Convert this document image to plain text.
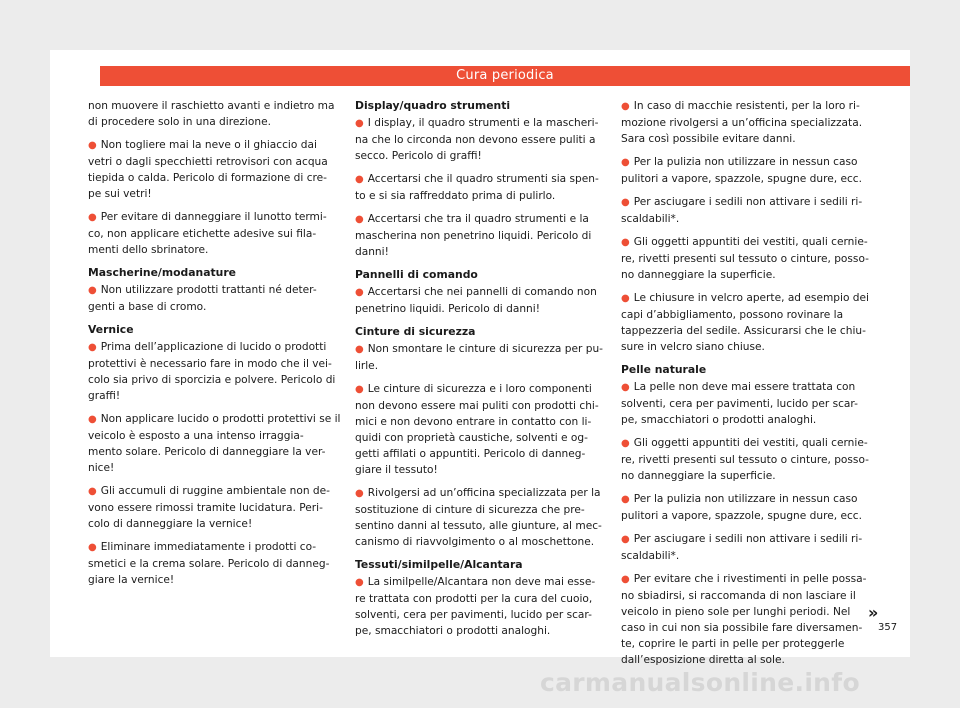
Cura periodica

non muovere il raschietto avanti e indietro ma di procedere solo in una direzione.

● Non togliere mai la neve o il ghiaccio dai vetri o dagli specchietti retrovisori con acqua tiepida o calda. Pericolo di formazione di cre- pe sui vetri!

● Per evitare di danneggiare il lunotto termi- co, non applicare etichette adesive sui fila- menti dello sbrinatore.

Mascherine/modanature

● Non utilizzare prodotti trattanti né deter- genti a base di cromo.

Vernice

● Prima dell’applicazione di lucido o prodotti protettivi è necessario fare in modo che il vei- colo sia privo di sporcizia e polvere. Pericolo di graffi!

● Non applicare lucido o prodotti protettivi se il veicolo è esposto a una intenso irraggia- mento solare. Pericolo di danneggiare la ver- nice!

● Gli accumuli di ruggine ambientale non de- vono essere rimossi tramite lucidatura. Peri- colo di danneggiare la vernice!

● Eliminare immediatamente i prodotti co- smetici e la crema solare. Pericolo di danneg- giare la vernice!

Display/quadro strumenti

● I display, il quadro strumenti e la mascheri- na che lo circonda non devono essere puliti a secco. Pericolo di graffi!

● Accertarsi che il quadro strumenti sia spen- to e si sia raffreddato prima di pulirlo.

● Accertarsi che tra il quadro strumenti e la mascherina non penetrino liquidi. Pericolo di danni!

Pannelli di comando

● Accertarsi che nei pannelli di comando non penetrino liquidi. Pericolo di danni!

Cinture di sicurezza

● Non smontare le cinture di sicurezza per pu- lirle.

● Le cinture di sicurezza e i loro componenti non devono essere mai puliti con prodotti chi- mici e non devono entrare in contatto con li- quidi con proprietà caustiche, solventi e og- getti affilati o appuntiti. Pericolo di danneg- giare il tessuto!

● Rivolgersi ad un’officina specializzata per la sostituzione di cinture di sicurezza che pre- sentino danni al tessuto, alle giunture, al mec- canismo di riavvolgimento o al moschettone.

Tessuti/similpelle/Alcantara

● La similpelle/Alcantara non deve mai esse- re trattata con prodotti per la cura del cuoio, solventi, cera per pavimenti, lucido per scar- pe, smacchiatori o prodotti analoghi.

● In caso di macchie resistenti, per la loro ri- mozione rivolgersi a un’officina specializzata. Sara così possibile evitare danni.

● Per la pulizia non utilizzare in nessun caso pulitori a vapore, spazzole, spugne dure, ecc.

● Per asciugare i sedili non attivare i sedili ri- scaldabili*.

● Gli oggetti appuntiti dei vestiti, quali cernie- re, rivetti presenti sul tessuto o cinture, posso- no danneggiare la superficie.

● Le chiusure in velcro aperte, ad esempio dei capi d’abbigliamento, possono rovinare la tappezzeria del sedile. Assicurarsi che le chiu- sure in velcro siano chiuse.

Pelle naturale

● La pelle non deve mai essere trattata con solventi, cera per pavimenti, lucido per scar- pe, smacchiatori o prodotti analoghi.

● Gli oggetti appuntiti dei vestiti, quali cernie- re, rivetti presenti sul tessuto o cinture, posso- no danneggiare la superficie.

● Per la pulizia non utilizzare in nessun caso pulitori a vapore, spazzole, spugne dure, ecc.

● Per asciugare i sedili non attivare i sedili ri- scaldabili*.

● Per evitare che i rivestimenti in pelle possa- no sbiadirsi, si raccomanda di non lasciare il veicolo in pieno sole per lunghi periodi. Nel caso in cui non sia possibile fare diversamen- te, coprire le parti in pelle per proteggerle dall’esposizione diretta al sole.

»
357
carmanualsonline.info
